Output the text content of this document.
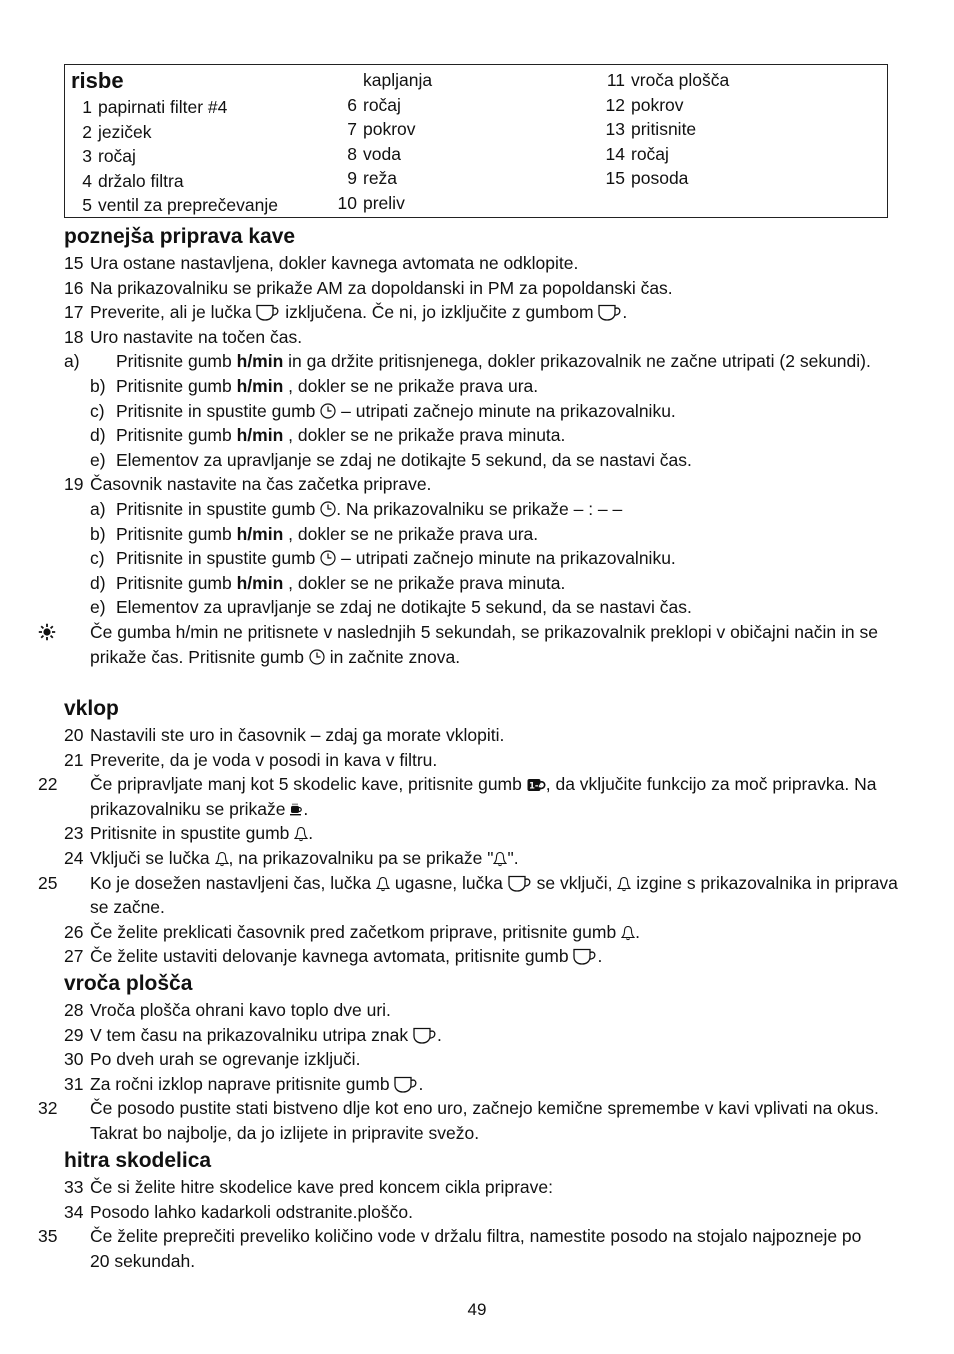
risbe
1 papirnati filter #4
2 jeziček
3 ročaj
4 držalo filtra
5 ventil za preprečevanje
kapljanja
6 ročaj
7 pokrov
8 voda
9 reža
10 preliv
11 vroča plošča
12 pokrov
13 pritisnite
14 ročaj
15 posoda
poznejša priprava kave
15 Ura ostane nastavljena, dokler kavnega avtomata ne odklopite.
16 Na prikazovalniku se prikaže AM za dopoldanski in PM za popoldanski čas.
17 Preverite, ali je lučka izključena. Če ni, jo izključite z gumbom .
18 Uro nastavite na točen čas.
a) Pritisnite gumb h/min in ga držite pritisnjenega, dokler prikazovalnik ne začne utripati (2 sekundi).
b) Pritisnite gumb h/min , dokler se ne prikaže prava ura.
c) Pritisnite in spustite gumb – utripati začnejo minute na prikazovalniku.
d) Pritisnite gumb h/min , dokler se ne prikaže prava minuta.
e) Elementov za upravljanje se zdaj ne dotikajte 5 sekund, da se nastavi čas.
19 Časovnik nastavite na čas začetka priprave.
a) Pritisnite in spustite gumb . Na prikazovalniku se prikaže – : – –
b) Pritisnite gumb h/min , dokler se ne prikaže prava ura.
c) Pritisnite in spustite gumb – utripati začnejo minute na prikazovalniku.
d) Pritisnite gumb h/min , dokler se ne prikaže prava minuta.
e) Elementov za upravljanje se zdaj ne dotikajte 5 sekund, da se nastavi čas.
Če gumba h/min ne pritisnete v naslednjih 5 sekundah, se prikazovalnik preklopi v običajni način in se prikaže čas. Pritisnite gumb in začnite znova.
vklop
20 Nastavili ste uro in časovnik – zdaj ga morate vklopiti.
21 Preverite, da je voda v posodi in kava v filtru.
22 Če pripravljate manj kot 5 skodelic kave, pritisnite gumb , da vključite funkcijo za moč pripravka. Na prikazovalniku se prikaže .
23 Pritisnite in spustite gumb .
24 Vključi se lučka , na prikazovalniku pa se prikaže " ".
25 Ko je dosežen nastavljeni čas, lučka ugasne, lučka se vključi, izgine s prikazovalnika in priprava se začne.
26 Če želite preklicati časovnik pred začetkom priprave, pritisnite gumb .
27 Če želite ustaviti delovanje kavnega avtomata, pritisnite gumb .
vroča plošča
28 Vroča plošča ohrani kavo toplo dve uri.
29 V tem času na prikazovalniku utripa znak .
30 Po dveh urah se ogrevanje izključi.
31 Za ročni izklop naprave pritisnite gumb .
32 Če posodo pustite stati bistveno dlje kot eno uro, začnejo kemične spremembe v kavi vplivati na okus. Takrat bo najbolje, da jo izlijete in pripravite svežo.
hitra skodelica
33 Če si želite hitre skodelice kave pred koncem cikla priprave:
34 Posodo lahko kadarkoli odstranite.ploščo.
35 Če želite preprečiti preveliko količino vode v držalu filtra, namestite posodo na stojalo najpozneje po 20 sekundah.
49
